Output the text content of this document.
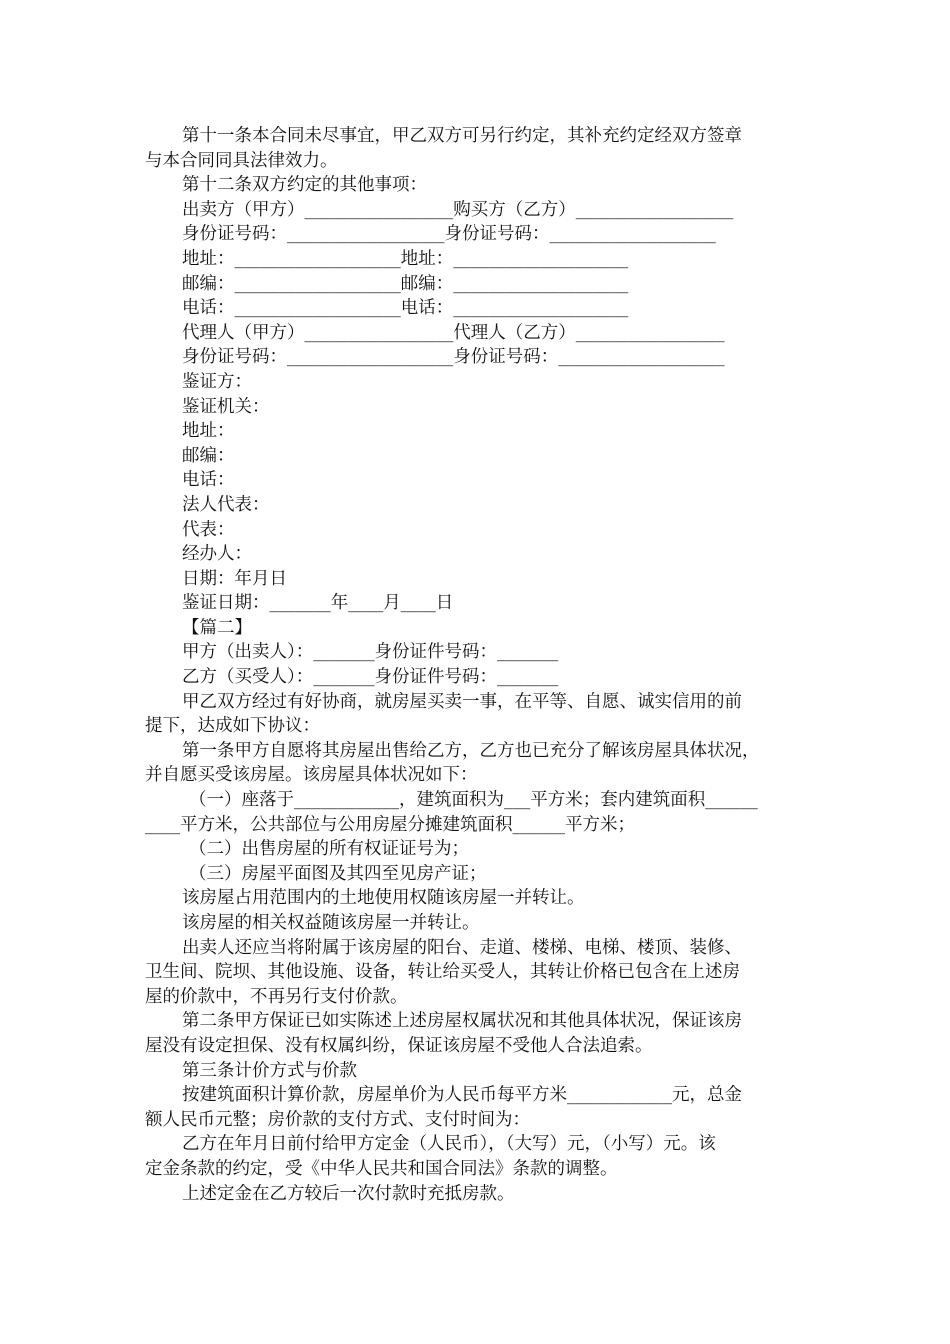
第十一条本合同未尽事宜，甲乙双方可另行约定，其补充约定经双方签章

与本合同同具法律效力。

第十二条双方约定的其他事项：

出卖方（甲方）_________________购买方（乙方）__________________

身份证号码：__________________身份证号码：___________________

地址：___________________地址：____________________

邮编：___________________邮编：____________________

电话：___________________电话：____________________

代理人（甲方）_________________代理人（乙方）_________________

身份证号码：___________________身份证号码：___________________

鉴证方：

鉴证机关：

地址：

邮编：

电话：

法人代表：

代表：

经办人：

日期：年月日

鉴证日期：_______年____月____日

【篇二】

甲方（出卖人）：_______身份证件号码：_______

乙方（买受人）：_______身份证件号码：_______

甲乙双方经过有好协商，就房屋买卖一事，在平等、自愿、诚实信用的前

提下，达成如下协议：

第一条甲方自愿将其房屋出售给乙方，乙方也已充分了解该房屋具体状况，

并自愿买受该房屋。该房屋具体状况如下：

（一）座落于____________，建筑面积为___平方米；套内建筑面积______

____平方米，公共部位与公用房屋分摊建筑面积______平方米；

（二）出售房屋的所有权证证号为；

（三）房屋平面图及其四至见房产证；

该房屋占用范围内的土地使用权随该房屋一并转让。

该房屋的相关权益随该房屋一并转让。

出卖人还应当将附属于该房屋的阳台、走道、楼梯、电梯、楼顶、装修、

卫生间、院坝、其他设施、设备，转让给买受人，其转让价格已包含在上述房

屋的价款中，不再另行支付价款。

第二条甲方保证已如实陈述上述房屋权属状况和其他具体状况，保证该房

屋没有设定担保、没有权属纠纷，保证该房屋不受他人合法追索。

第三条计价方式与价款

按建筑面积计算价款，房屋单价为人民币每平方米____________元，总金

额人民币元整；房价款的支付方式、支付时间为：

乙方在年月日前付给甲方定金（人民币），（大写）元，（小写）元。该

定金条款的约定，受《中华人民共和国合同法》条款的调整。

上述定金在乙方较后一次付款时充抵房款。
